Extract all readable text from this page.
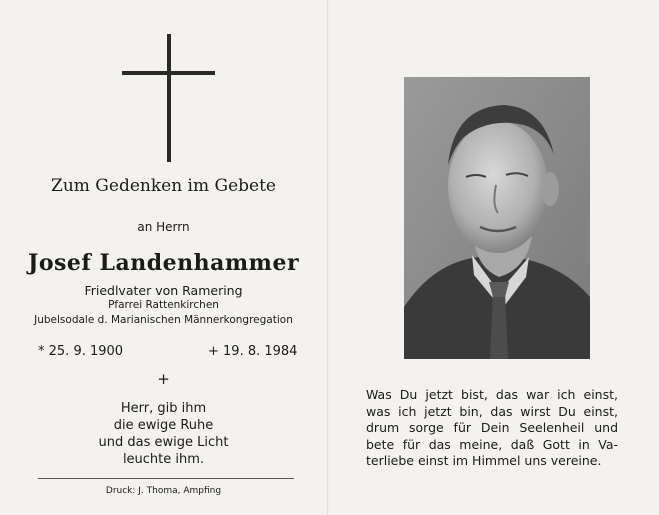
Zum Gedenken im Gebete
an Herrn
Josef Landenhammer
Friedlvater von Ramering
Pfarrei Rattenkirchen
Jubelsodale d. Marianischen Männerkongregation
* 25. 9. 1900	+ 19. 8. 1984
+
Herr, gib ihm
die ewige Ruhe
und das ewige Licht
leuchte ihm.
Druck: J. Thoma, Ampfing
Was Du jetzt bist, das war ich einst,
was ich jetzt bin, das wirst Du einst,
drum sorge für Dein Seelenheil und
bete für das meine, daß Gott in Va-
terliebe einst im Himmel uns vereine.
